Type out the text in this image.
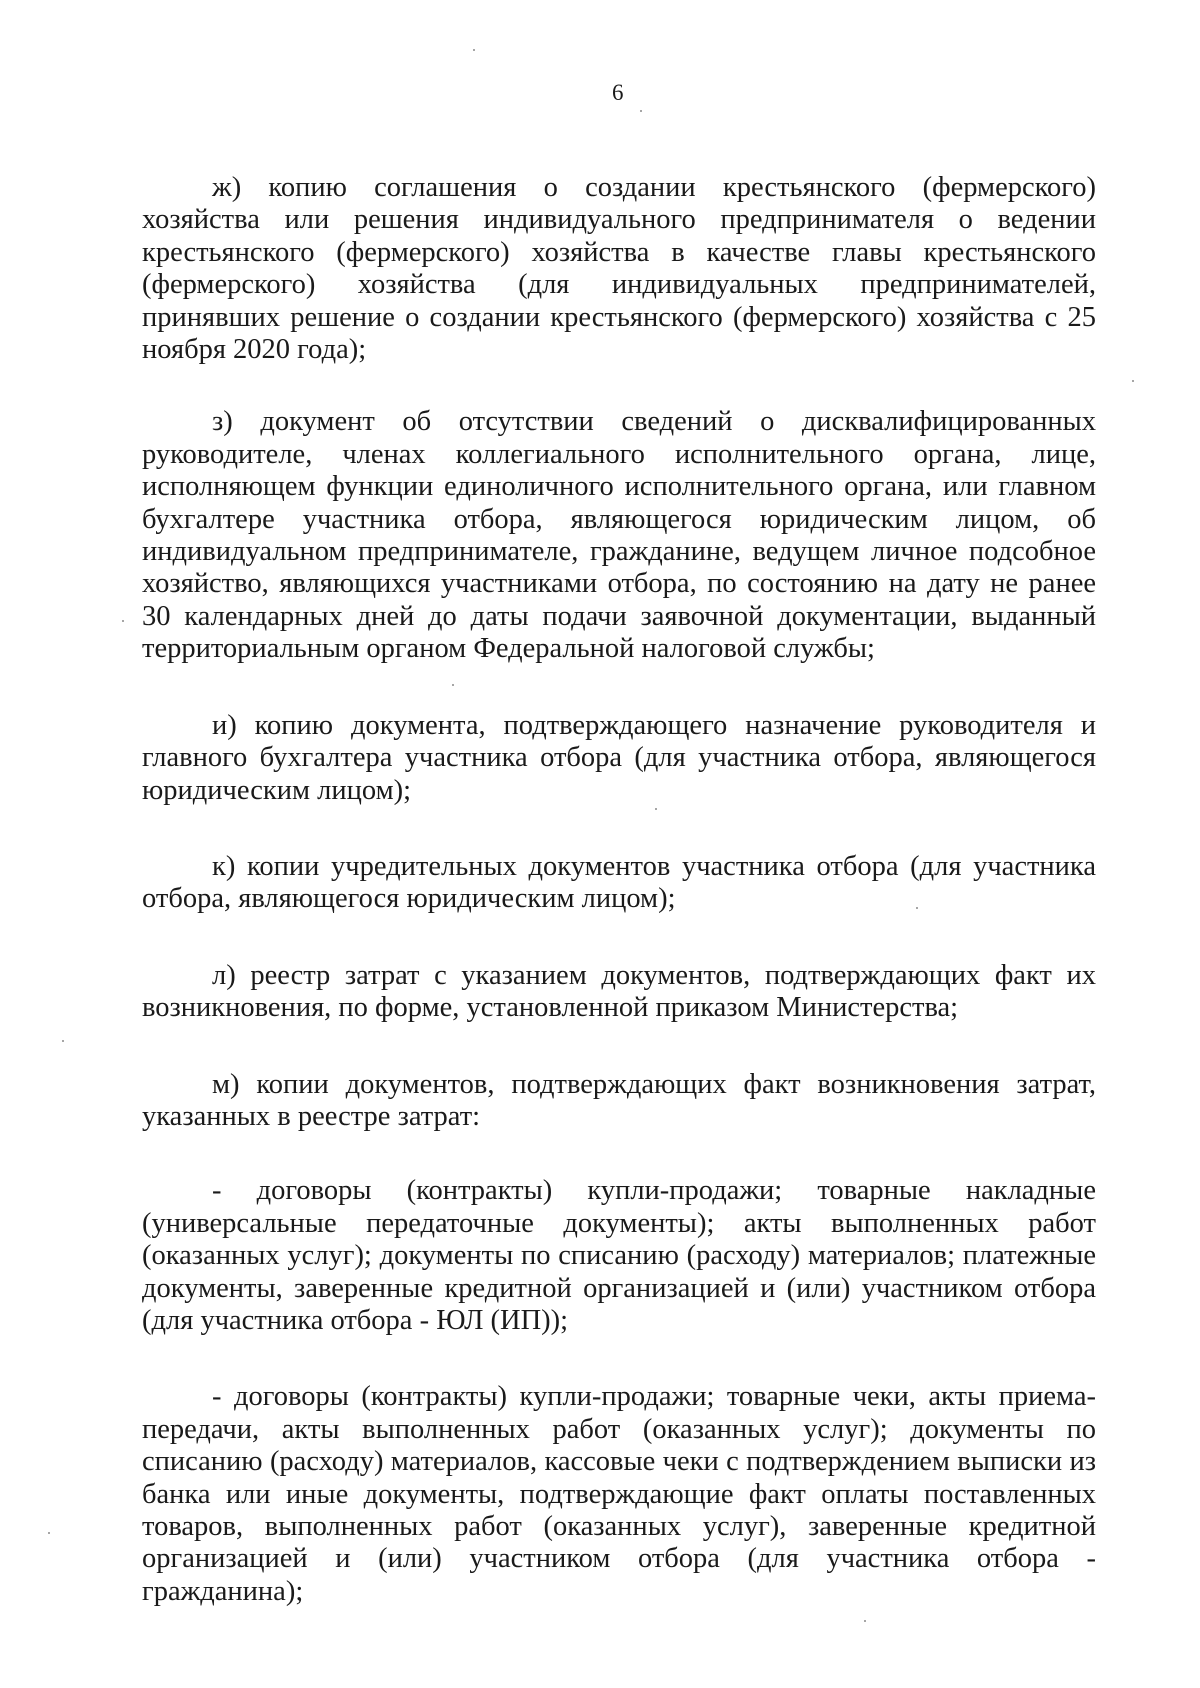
6

ж) копию соглашения о создании крестьянского (фермерского) хозяйства или решения индивидуального предпринимателя о ведении крестьянского (фермерского) хозяйства в качестве главы крестьянского (фермерского) хозяйства (для индивидуальных предпринимателей, принявших решение о создании крестьянского (фермерского) хозяйства с 25 ноября 2020 года);

з) документ об отсутствии сведений о дисквалифицированных руководителе, членах коллегиального исполнительного органа, лице, исполняющем функции единоличного исполнительного органа, или главном бухгалтере участника отбора, являющегося юридическим лицом, об индивидуальном предпринимателе, гражданине, ведущем личное подсобное хозяйство, являющихся участниками отбора, по состоянию на дату не ранее 30 календарных дней до даты подачи заявочной документации, выданный территориальным органом Федеральной налоговой службы;

и) копию документа, подтверждающего назначение руководителя и главного бухгалтера участника отбора (для участника отбора, являющегося юридическим лицом);

к) копии учредительных документов участника отбора (для участника отбора, являющегося юридическим лицом);

л) реестр затрат с указанием документов, подтверждающих факт их возникновения, по форме, установленной приказом Министерства;

м) копии документов, подтверждающих факт возникновения затрат, указанных в реестре затрат:

- договоры (контракты) купли-продажи; товарные накладные (универсальные передаточные документы); акты выполненных работ (оказанных услуг); документы по списанию (расходу) материалов; платежные документы, заверенные кредитной организацией и (или) участником отбора (для участника отбора - ЮЛ (ИП));

- договоры (контракты) купли-продажи; товарные чеки, акты приема-передачи, акты выполненных работ (оказанных услуг); документы по списанию (расходу) материалов, кассовые чеки с подтверждением выписки из банка или иные документы, подтверждающие факт оплаты поставленных товаров, выполненных работ (оказанных услуг), заверенные кредитной организацией и (или) участником отбора (для участника отбора - гражданина);
